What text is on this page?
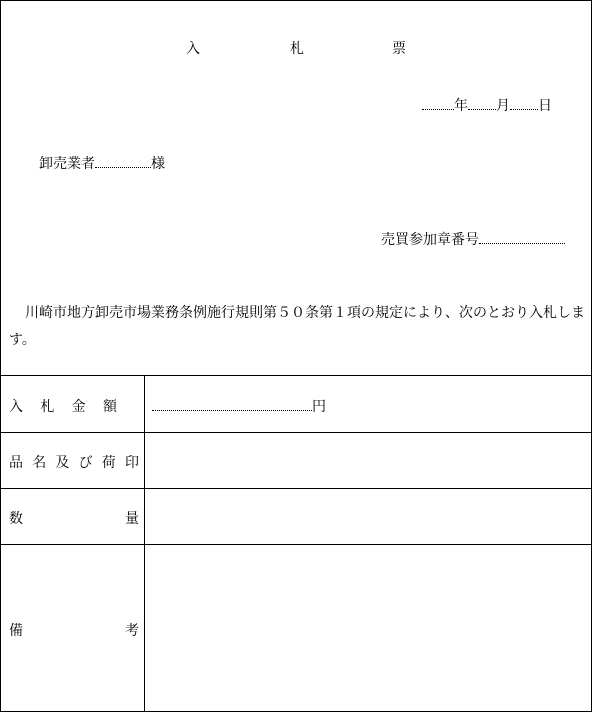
入	札	票
年 月 日
卸売業者	様
売買参加章番号
川崎市地方卸売市場業務条例施行規則第５０条第１項の規定により、次のとおり入札します。
入 札 金 額	円
品 名 及 び 荷 印
数	量
備	考
